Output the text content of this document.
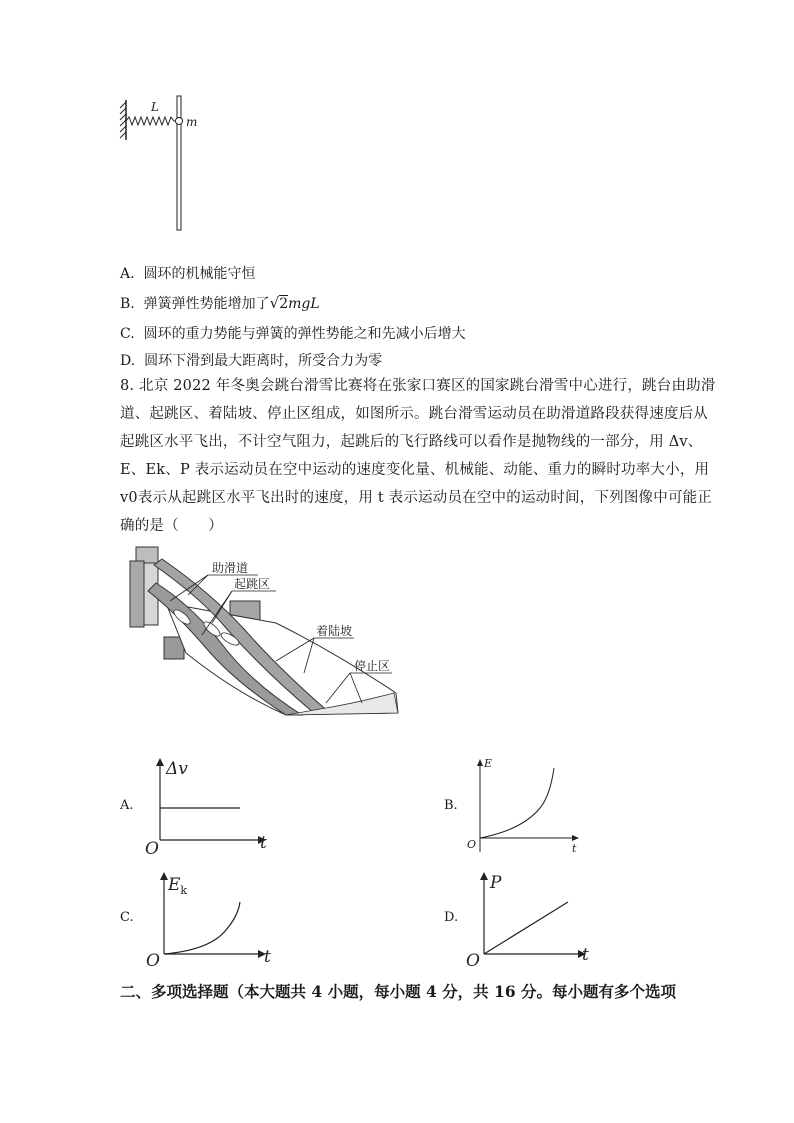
L
m
A. 圆环的机械能守恒
B. 弹簧弹性势能增加了√2mgL
C. 圆环的重力势能与弹簧的弹性势能之和先减小后增大
D. 圆环下滑到最大距离时，所受合力为零
8. 北京 2022 年冬奥会跳台滑雪比赛将在张家口赛区的国家跳台滑雪中心进行，跳台由助滑
道、起跳区、着陆坡、停止区组成，如图所示。跳台滑雪运动员在助滑道路段获得速度后从
起跳区水平飞出，不计空气阻力，起跳后的飞行路线可以看作是抛物线的一部分，用 Δv、
E、Ek、P 表示运动员在空中运动的速度变化量、机械能、动能、重力的瞬时功率大小，用
v0表示从起跳区水平飞出时的速度，用 t 表示运动员在空中的运动时间，下列图像中可能正
确的是（　　）
助滑道
起跳区
着陆坡
停止区
A.	B.
C.	D.
Δv
t
O
E
t
O
$E_k$
t
O
P
t
O
二、多项选择题（本大题共 4 小题，每小题 4 分，共 16 分。每小题有多个选项
